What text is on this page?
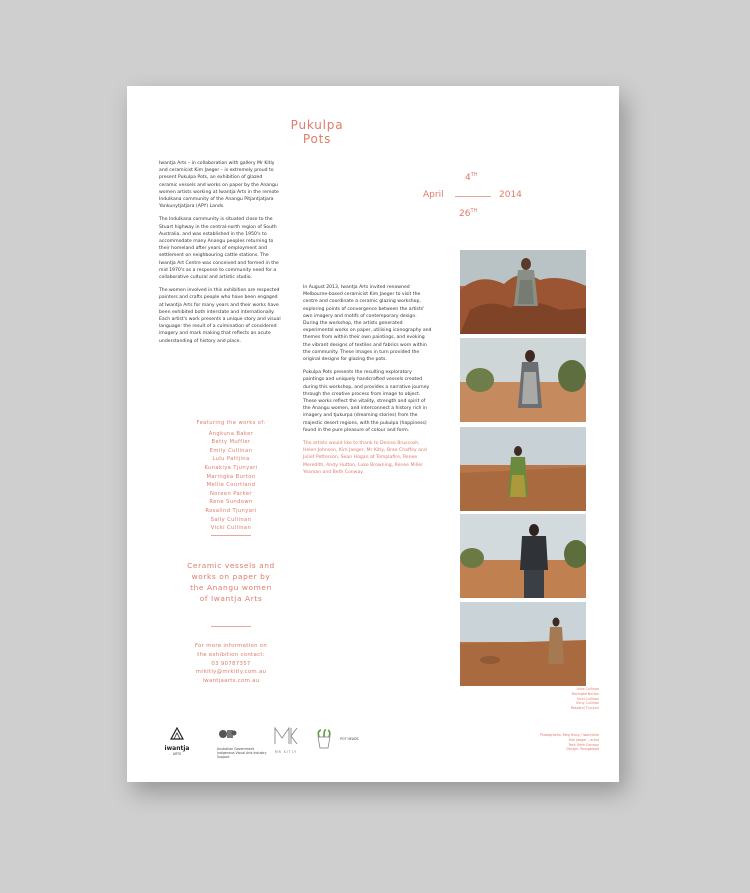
Pukulpa
Pots
4TH
April	2014
26TH

Iwantja Arts – in collaboration with gallery Mr Kitly and ceramicist Kim Jaeger – is extremely proud to present Pukulpa Pots, an exhibition of glazed ceramic vessels and works on paper by the Anangu women artists working at Iwantja Arts in the remote Indulkana community of the Anangu Pitjantjatjara Yankunytjatjara (APY) Lands.

The Indulkana community is situated close to the Stuart highway in the central-north region of South Australia, and was established in the 1950's to accommodate many Anangu peoples returning to their homeland after years of employment and settlement on neighbouring cattle stations. The Iwantja Art Centre was conceived and formed in the mid 1970's as a response to community need for a collaborative cultural and artistic studio.

The women involved in this exhibition are respected painters and crafts people who have been engaged at Iwantja Arts for many years and their works have been exhibited both interstate and internationally. Each artist's work presents a unique story and visual language: the result of a culmination of considered imagery and mark making that reflects an acute understanding of history and place.

In August 2013, Iwantja Arts invited renowned Melbourne-based ceramicist Kim Jaeger to visit the centre and coordinate a ceramic glazing workshop, exploring points of convergence between the artists' own imagery and motifs of contemporary design. During the workshop, the artists generated experimental works on paper, utilising iconography and themes from within their own paintings, and evoking the vibrant designs of textiles and fabrics worn within the community. These images in turn provided the original designs for glazing the pots.

Pukulpa Pots presents the resulting exploratory paintings and uniquely handcrafted vessels created during this workshop, and provides a narrative journey through the creative process from image to object. These works reflect the vitality, strength and spirit of the Anangu women, and interconnect a history rich in imagery and tjukurpa (dreaming stories) from the majestic desert regions, with the pukulpa (happiness) found in the pure pleasure of colour and form.

The artists would like to thank to Denise Bruscosh, Helen Johnson, Kim Jaeger, Mr Kitly, Brae Chaffey and Juliet Petterson, Sean Hogan at Templafire, Renee Meredith, Andy Hutton, Luke Browning, Renee Miller Yeaman and Beth Conway.

Featuring the works of:
Angkuna Baker
Betty Muffler
Emily Cullinan
Lulu Pattjina
Kunakiya Tjunyari
Maringka Burton
Mellie Courtland
Noreen Parker
Rene Sundown
Rosalind Tjunyari
Sally Cullinan
Vicki Cullinan
Ceramic vessels and
works on paper by
the Anangu women
of Iwantja Arts
For more information on
the exhibition contact:
03 90787357
mrkitly@mrkitly.com.au
iwantjaarts.com.au
Alice Cullinan
Maringka Burton
Vicki Cullinan
Kimy Cullinan
Rosalind Tjunyari
Photographs: Meg Hung / iwantjarts
Kim Jaeger – artist
Text: Beth Conway
Design: Youngblood
iwantja
ARTS
Australian Government
Indigenous Visual Arts Industry Support
MR KITLY
POT HEADS
